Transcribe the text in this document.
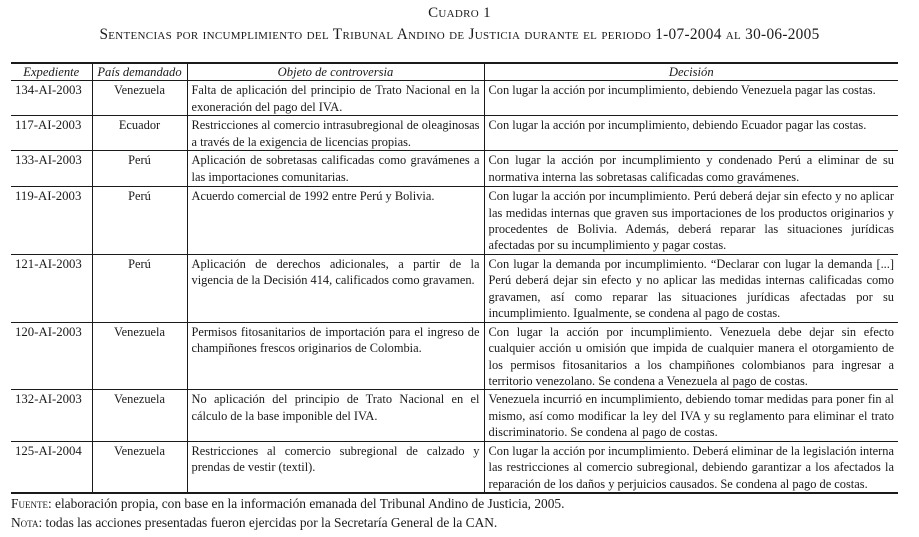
Cuadro 1
Sentencias por incumplimiento del Tribunal Andino de Justicia durante el periodo 1-07-2004 al 30-06-2005
Expediente	País demandado	Objeto de controversia	Decisión
134-AI-2003	Venezuela	Falta de aplicación del principio de Trato Nacional en la exoneración del pago del IVA.	Con lugar la acción por incumplimiento, debiendo Venezuela pagar las costas.
117-AI-2003	Ecuador	Restricciones al comercio intrasubregional de oleaginosas a través de la exigencia de licencias propias.	Con lugar la acción por incumplimiento, debiendo Ecuador pagar las costas.
133-AI-2003	Perú	Aplicación de sobretasas calificadas como gravámenes a las importaciones comunitarias.	Con lugar la acción por incumplimiento y condenado Perú a eliminar de su normativa interna las sobretasas calificadas como gravámenes.
119-AI-2003	Perú	Acuerdo comercial de 1992 entre Perú y Bolivia.	Con lugar la acción por incumplimiento. Perú deberá dejar sin efecto y no aplicar las medidas internas que graven sus importaciones de los productos originarios y procedentes de Bolivia. Además, deberá reparar las situaciones jurídicas afectadas por su incumplimiento y pagar costas.
121-AI-2003	Perú	Aplicación de derechos adicionales, a partir de la vigencia de la Decisión 414, calificados como gravamen.	Con lugar la demanda por incumplimiento. “Declarar con lugar la demanda [...] Perú deberá dejar sin efecto y no aplicar las medidas internas calificadas como gravamen, así como reparar las situaciones jurídicas afectadas por su incumplimiento. Igualmente, se condena al pago de costas.
120-AI-2003	Venezuela	Permisos fitosanitarios de importación para el ingreso de champiñones frescos originarios de Colombia.	Con lugar la acción por incumplimiento. Venezuela debe dejar sin efecto cualquier acción u omisión que impida de cualquier manera el otorgamiento de los permisos fitosanitarios a los champiñones colombianos para ingresar a territorio venezolano. Se condena a Venezuela al pago de costas.
132-AI-2003	Venezuela	No aplicación del principio de Trato Nacional en el cálculo de la base imponible del IVA.	Venezuela incurrió en incumplimiento, debiendo tomar medidas para poner fin al mismo, así como modificar la ley del IVA y su reglamento para eliminar el trato discriminatorio. Se condena al pago de costas.
125-AI-2004	Venezuela	Restricciones al comercio subregional de calzado y prendas de vestir (textil).	Con lugar la acción por incumplimiento. Deberá eliminar de la legislación interna las restricciones al comercio subregional, debiendo garantizar a los afectados la reparación de los daños y perjuicios causados. Se condena al pago de costas.
Fuente: elaboración propia, con base en la información emanada del Tribunal Andino de Justicia, 2005.
Nota: todas las acciones presentadas fueron ejercidas por la Secretaría General de la CAN.
